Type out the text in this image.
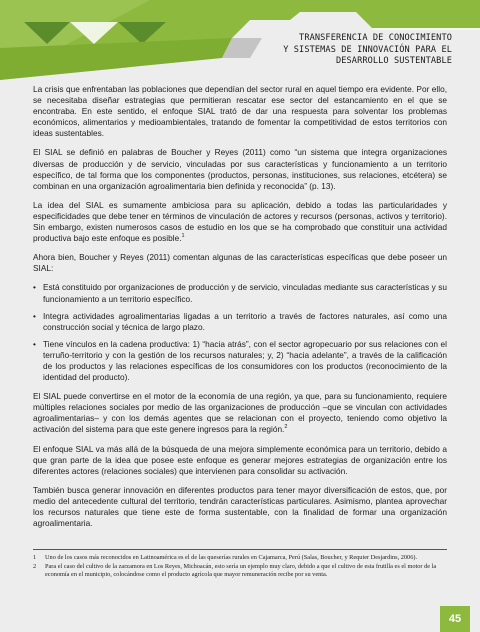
TRANSFERENCIA DE CONOCIMIENTO
Y SISTEMAS DE INNOVACIÓN PARA EL
DESARROLLO SUSTENTABLE

La crisis que enfrentaban las poblaciones que dependían del sector rural en aquel tiempo era evidente. Por ello, se necesitaba diseñar estrategias que permitieran rescatar ese sector del estancamiento en el que se encontraba. En este sentido, el enfoque SIAL trató de dar una respuesta para solventar los problemas económicos, alimentarios y medioambientales, tratando de fomentar la competitividad de estos territorios con ideas sustentables.

El SIAL se definió en palabras de Boucher y Reyes (2011) como “un sistema que integra organizaciones diversas de producción y de servicio, vinculadas por sus características y funcionamiento a un territorio específico, de tal forma que los componentes (productos, personas, instituciones, sus relaciones, etcétera) se combinan en una organización agroalimentaria bien definida y reconocida” (p. 13).

La idea del SIAL es sumamente ambiciosa para su aplicación, debido a todas las particularidades y especificidades que debe tener en términos de vinculación de actores y recursos (personas, activos y territorio). Sin embargo, existen numerosos casos de estudio en los que se ha comprobado que constituir una actividad productiva bajo este enfoque es posible.$^1$

Ahora bien, Boucher y Reyes (2011) comentan algunas de las características específicas que debe poseer un SIAL:

• Está constituido por organizaciones de producción y de servicio, vinculadas mediante sus características y su funcionamiento a un territorio específico.
• Integra actividades agroalimentarias ligadas a un territorio a través de factores naturales, así como una construcción social y técnica de largo plazo.
• Tiene vínculos en la cadena productiva: 1) “hacia atrás”, con el sector agropecuario por sus relaciones con el terruño-territorio y con la gestión de los recursos naturales; y, 2) “hacia adelante”, a través de la calificación de los productos y las relaciones específicas de los consumidores con los productos (reconocimiento de la identidad del producto).

El SIAL puede convertirse en el motor de la economía de una región, ya que, para su funcionamiento, requiere múltiples relaciones sociales por medio de las organizaciones de producción –que se vinculan con actividades agroalimentarias– y con los demás agentes que se relacionan con el proyecto, teniendo como objetivo la activación del sistema para que este genere ingresos para la región.$^2$

El enfoque SIAL va más allá de la búsqueda de una mejora simplemente económica para un territorio, debido a que gran parte de la idea que posee este enfoque es generar mejores estrategias de organización entre los diferentes actores (relaciones sociales) que intervienen para consolidar su activación.

También busca generar innovación en diferentes productos para tener mayor diversificación de estos, que, por medio del antecedente cultural del territorio, tendrán características particulares. Asimismo, plantea aprovechar los recursos naturales que tiene este de forma sustentable, con la finalidad de formar una organización agroalimentaria.

1 Uno de los casos más reconocidos en Latinoamérica es el de las queserías rurales en Cajamarca, Perú (Salas, Boucher, y Requier Desjardins, 2006).
2 Para el caso del cultivo de la zarzamora en Los Reyes, Michoacán, esto sería un ejemplo muy claro, debido a que el cultivo de esta frutilla es el motor de la economía en el municipio, colocándose como el producto agrícola que mayor remuneración recibe por su venta.
45
